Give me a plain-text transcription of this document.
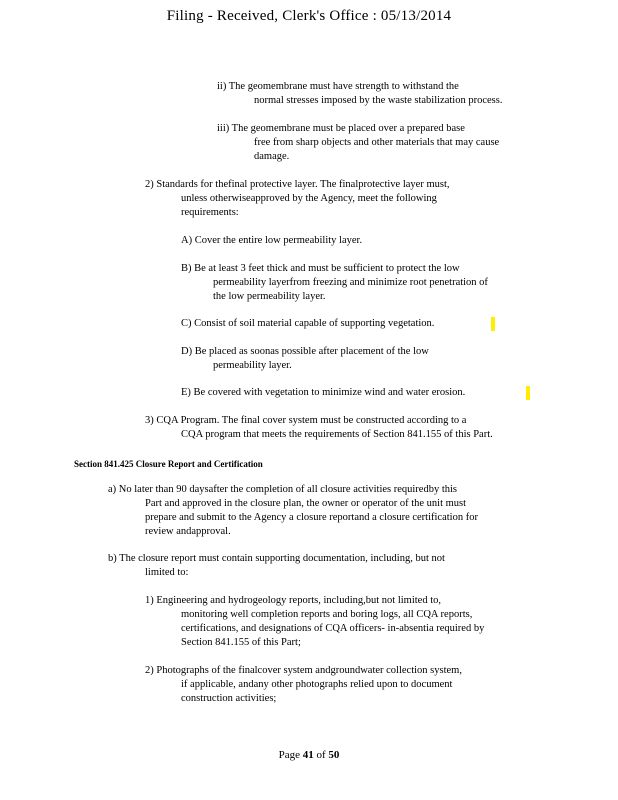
Filing - Received, Clerk's Office : 05/13/2014
ii) The geomembrane must have strength to withstand the
normal stresses imposed by the waste stabilization process.
iii) The geomembrane must be placed over a prepared base
free from sharp objects and other materials that may cause
damage.
2) Standards for thefinal protective layer. The finalprotective layer must,
unless otherwiseapproved by the Agency, meet the following
requirements:
A) Cover the entire low permeability layer.
B) Be at least 3 feet thick and must be sufficient to protect the low
permeability layerfrom freezing and minimize root penetration of
the low permeability layer.
C) Consist of soil material capable of supporting vegetation.
D) Be placed as soonas possible after placement of the low
permeability layer.
E) Be covered with vegetation to minimize wind and water erosion.
3) CQA Program. The final cover system must be constructed according to a
CQA program that meets the requirements of Section 841.155 of this Part.
Section 841.425 Closure Report and Certification
a) No later than 90 daysafter the completion of all closure activities requiredby this
Part and approved in the closure plan, the owner or operator of the unit must
prepare and submit to the Agency a closure reportand a closure certification for
review andapproval.
b) The closure report must contain supporting documentation, including, but not
limited to:
1) Engineering and hydrogeology reports, including,but not limited to,
monitoring well completion reports and boring logs, all CQA reports,
certifications, and designations of CQA officers- in-absentia required by
Section 841.155 of this Part;
2) Photographs of the finalcover system andgroundwater collection system,
if applicable, andany other photographs relied upon to document
construction activities;
Page 41 of 50
